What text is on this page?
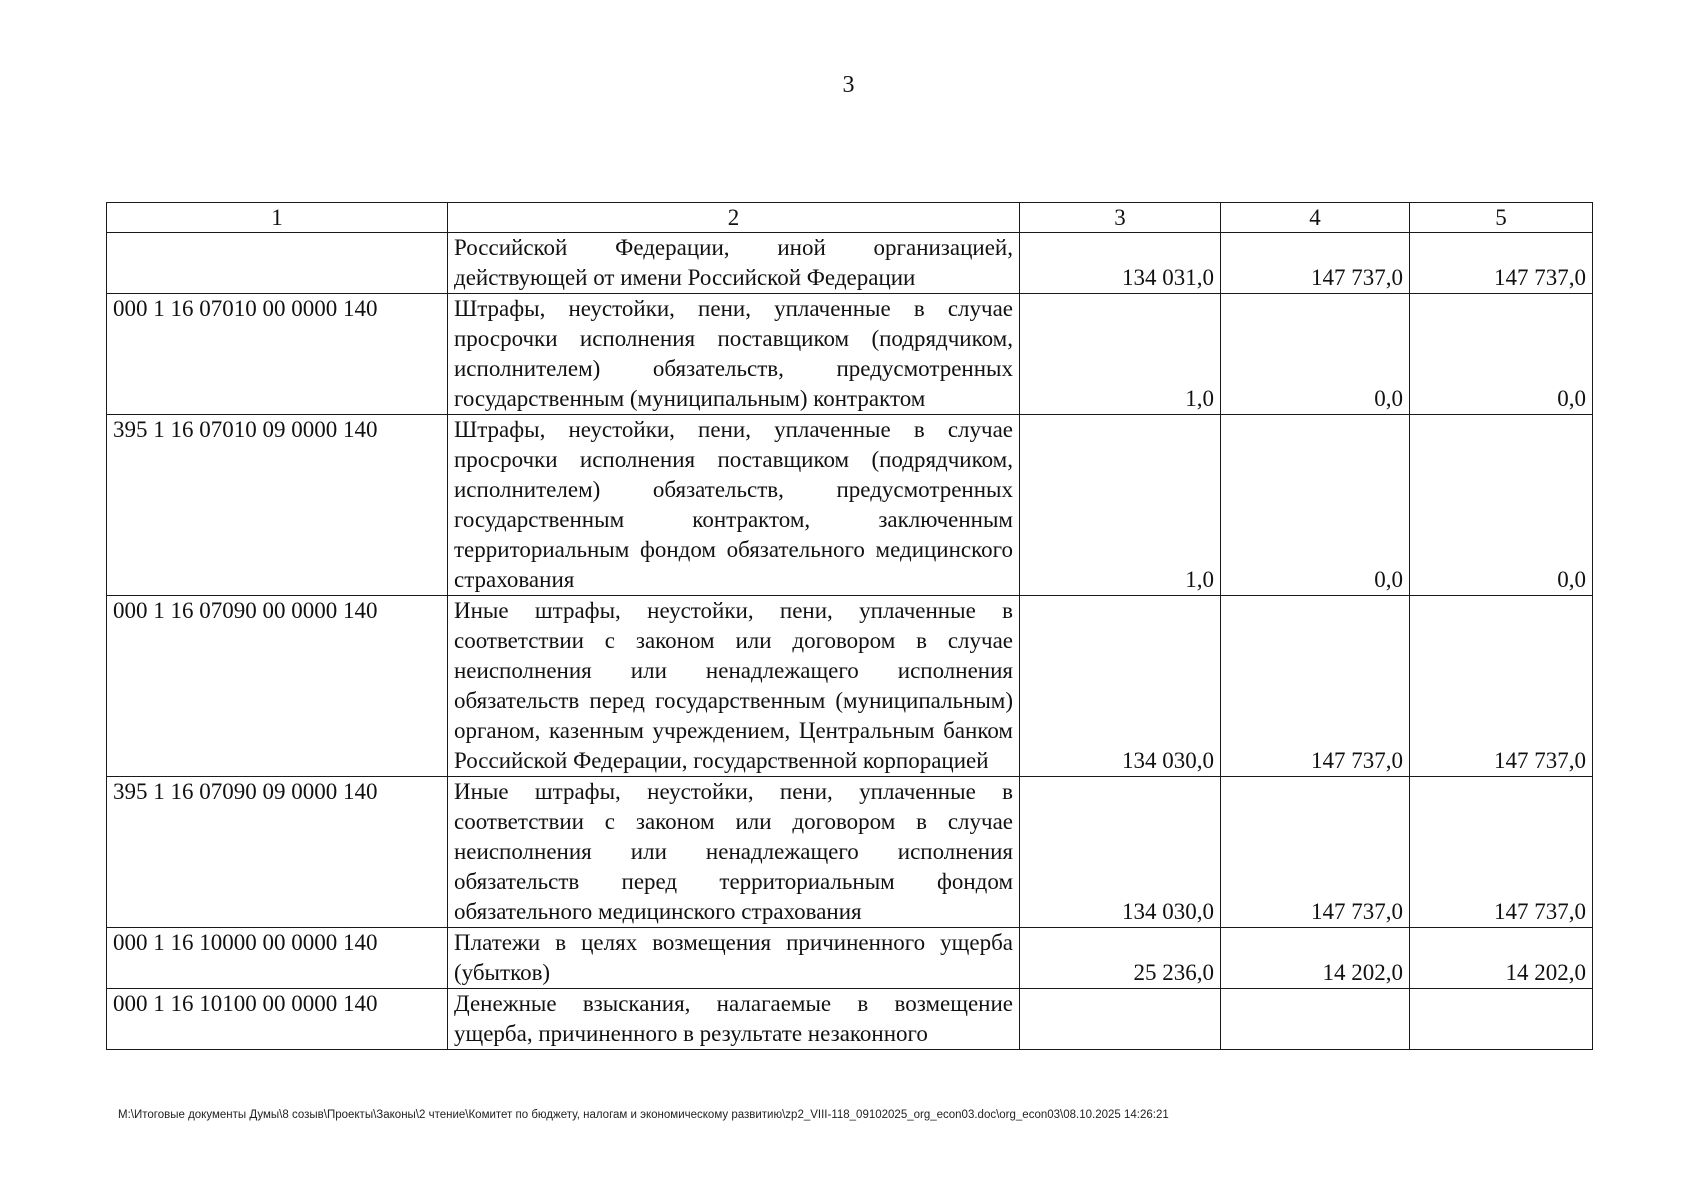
3
1	2	3	4	5
	Российской Федерации, иной организацией, действующей от имени Российской Федерации	134 031,0	147 737,0	147 737,0
000 1 16 07010 00 0000 140	Штрафы, неустойки, пени, уплаченные в случае просрочки исполнения поставщиком (подрядчиком, исполнителем) обязательств, предусмотренных государственным (муниципальным) контрактом	1,0	0,0	0,0
395 1 16 07010 09 0000 140	Штрафы, неустойки, пени, уплаченные в случае просрочки исполнения поставщиком (подрядчиком, исполнителем) обязательств, предусмотренных государственным контрактом, заключенным территориальным фондом обязательного медицинского страхования	1,0	0,0	0,0
000 1 16 07090 00 0000 140	Иные штрафы, неустойки, пени, уплаченные в соответствии с законом или договором в случае неисполнения или ненадлежащего исполнения обязательств перед государственным (муниципальным) органом, казенным учреждением, Центральным банком Российской Федерации, государственной корпорацией	134 030,0	147 737,0	147 737,0
395 1 16 07090 09 0000 140	Иные штрафы, неустойки, пени, уплаченные в соответствии с законом или договором в случае неисполнения или ненадлежащего исполнения обязательств перед территориальным фондом обязательного медицинского страхования	134 030,0	147 737,0	147 737,0
000 1 16 10000 00 0000 140	Платежи в целях возмещения причиненного ущерба (убытков)	25 236,0	14 202,0	14 202,0
000 1 16 10100 00 0000 140	Денежные взыскания, налагаемые в возмещение ущерба, причиненного в результате незаконного			
M:\Итоговые документы Думы\8 созыв\Проекты\Законы\2 чтение\Комитет по бюджету, налогам и экономическому развитию\zp2_VIII-118_09102025_org_econ03.doc\org_econ03\08.10.2025 14:26:21
